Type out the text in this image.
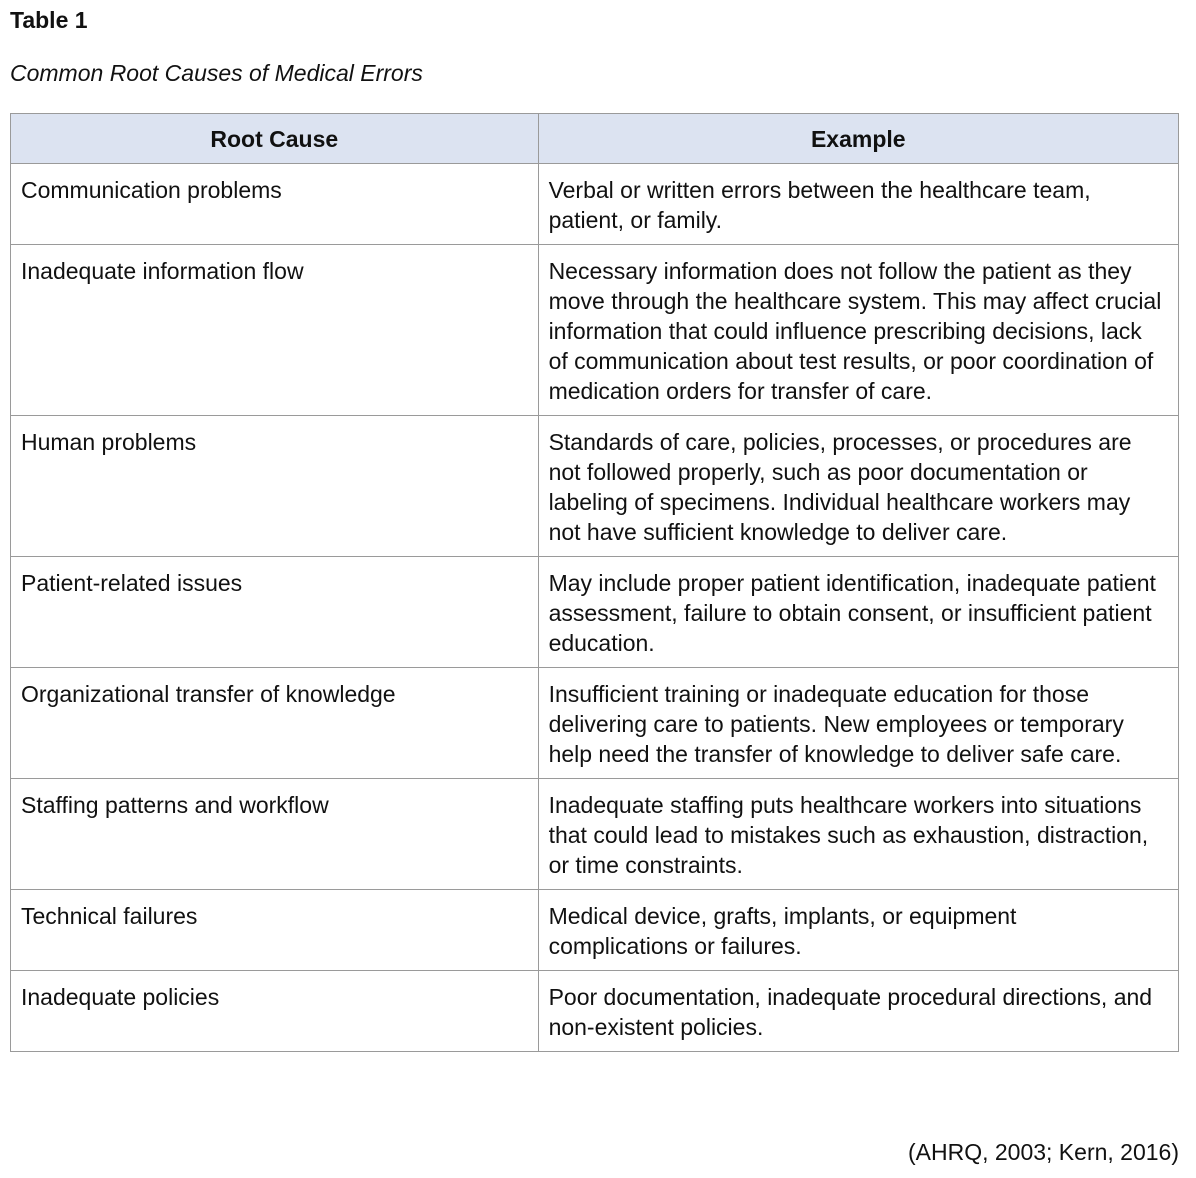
Table 1
Common Root Causes of Medical Errors
Root Cause	Example
Communication problems	Verbal or written errors between the healthcare team, patient, or family.
Inadequate information flow	Necessary information does not follow the patient as they move through the healthcare system. This may affect crucial information that could influence prescribing decisions, lack of communication about test results, or poor coordination of medication orders for transfer of care.
Human problems	Standards of care, policies, processes, or procedures are not followed properly, such as poor documentation or labeling of specimens. Individual healthcare workers may not have sufficient knowledge to deliver care.
Patient-related issues	May include proper patient identification, inadequate patient assessment, failure to obtain consent, or insufficient patient education.
Organizational transfer of knowledge	Insufficient training or inadequate education for those delivering care to patients. New employees or temporary help need the transfer of knowledge to deliver safe care.
Staffing patterns and workflow	Inadequate staffing puts healthcare workers into situations that could lead to mistakes such as exhaustion, distraction, or time constraints.
Technical failures	Medical device, grafts, implants, or equipment complications or failures.
Inadequate policies	Poor documentation, inadequate procedural directions, and non-existent policies.
(AHRQ, 2003; Kern, 2016)
